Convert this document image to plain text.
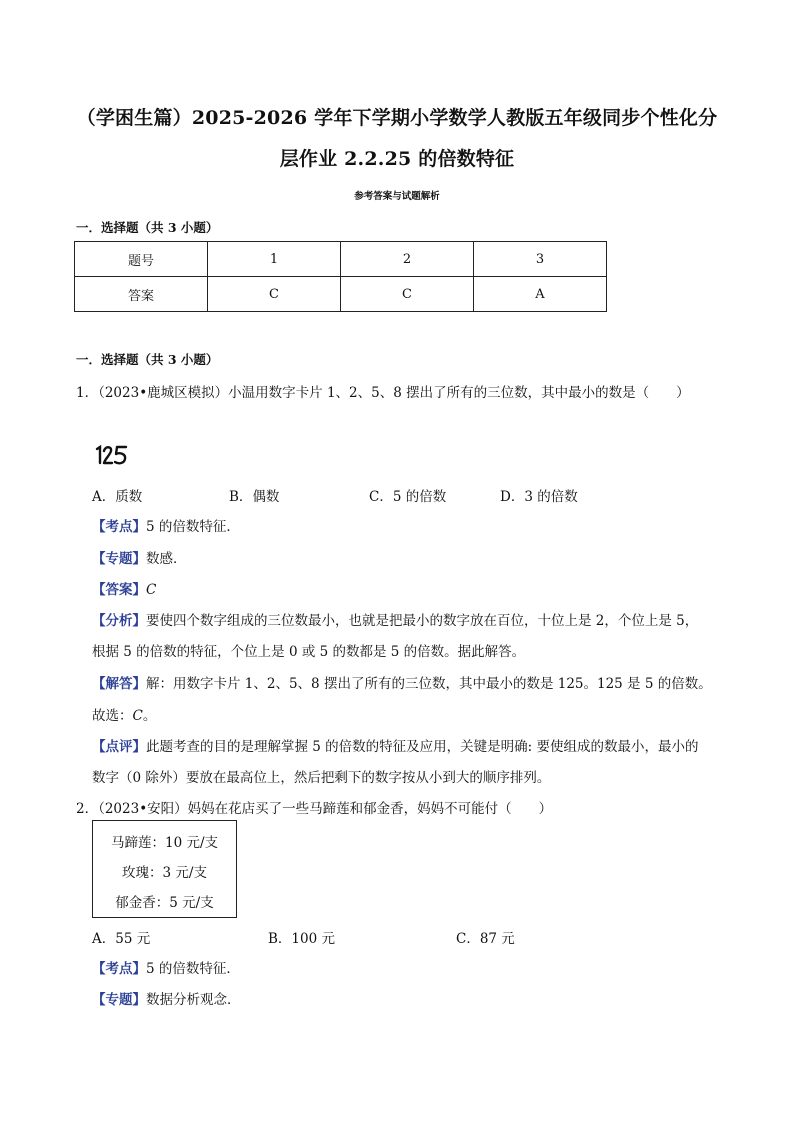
（学困生篇）2025-2026 学年下学期小学数学人教版五年级同步个性化分
层作业 2.2.25 的倍数特征
参考答案与试题解析
一．选择题（共 3 小题）
题号	1	2	3
答案	C	C	A
一．选择题（共 3 小题）
1．（2023•鹿城区模拟）小温用数字卡片 1、2、5、8 摆出了所有的三位数，其中最小的数是（　　）
A．质数	B．偶数	C．5 的倍数	D．3 的倍数
【考点】5 的倍数特征．
【专题】数感．
【答案】C
【分析】要使四个数字组成的三位数最小，也就是把最小的数字放在百位，十位上是 2，个位上是 5，
根据 5 的倍数的特征，个位上是 0 或 5 的数都是 5 的倍数。据此解答。
【解答】解：用数字卡片 1、2、5、8 摆出了所有的三位数，其中最小的数是 125。125 是 5 的倍数。
故选：C。
【点评】此题考查的目的是理解掌握 5 的倍数的特征及应用，关键是明确: 要使组成的数最小，最小的
数字（0 除外）要放在最高位上，然后把剩下的数字按从小到大的顺序排列。
2．（2023•安阳）妈妈在花店买了一些马蹄莲和郁金香，妈妈不可能付（　　）
马蹄莲：10 元/支
玫瑰：3 元/支
郁金香：5 元/支
A．55 元	B．100 元	C．87 元
【考点】5 的倍数特征．
【专题】数据分析观念．
